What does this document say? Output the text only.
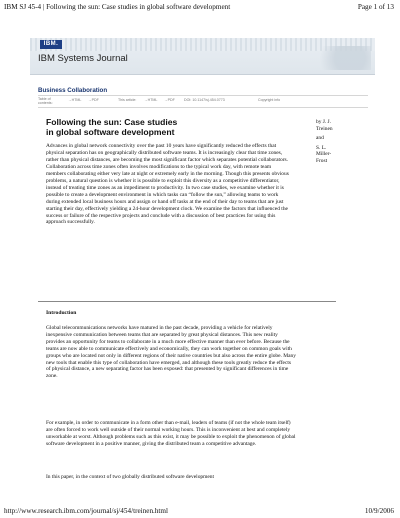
IBM SJ 45-4 | Following the sun: Case studies in global software development	Page 1 of 13
IBM.
IBM Systems Journal
Business Collaboration
Table of contents:
→HTML →PDF	This article: →HTML →PDF	DOI: 10.1147/sj.454.0773	Copyright info
Following the sun: Case studies
in global software development
by J. J.
Treinen
and
S. L.
Miller-
Frost
Advances in global network connectivity over the past 10 years have significantly reduced the effects that physical separation has on geographically distributed software teams. It is increasingly clear that time zones, rather than physical distances, are becoming the most significant factor which separates potential collaborators. Collaboration across time zones often involves modifications to the typical work day, with remote team members collaborating either very late at night or extremely early in the morning. Though this presents obvious problems, a natural question is whether it is possible to exploit this diversity as a competitive differentiator, instead of treating time zones as an impediment to productivity. In two case studies, we examine whether it is possible to create a development environment in which tasks can “follow the sun,” allowing teams to work during extended local business hours and assign or hand off tasks at the end of their day to teams that are just starting their day, effectively yielding a 24-hour development clock. We examine the factors that influenced the success or failure of the respective projects and conclude with a discussion of best practices for using this approach successfully.
Introduction
Global telecommunications networks have matured in the past decade, providing a vehicle for relatively inexpensive communication between teams that are separated by great physical distances. This new reality provides an opportunity for teams to collaborate in a much more effective manner than ever before. Because the teams are now able to communicate effectively and economically, they can work together on common goals with groups who are located not only in different regions of their native countries but also across the entire globe. Many new tools that enable this type of collaboration have emerged, and although these tools greatly reduce the effects of physical distance, a new separating factor has been exposed: that presented by significant differences in time zone.
For example, in order to communicate in a form other than e-mail, leaders of teams (if not the whole team itself) are often forced to work well outside of their normal working hours. This is inconvenient at best and completely unworkable at worst. Although problems such as this exist, it may be possible to exploit the phenomenon of global software development in a positive manner, giving the distributed team a competitive advantage.
In this paper, in the context of two globally distributed software development
http://www.research.ibm.com/journal/sj/454/treinen.html	10/9/2006
